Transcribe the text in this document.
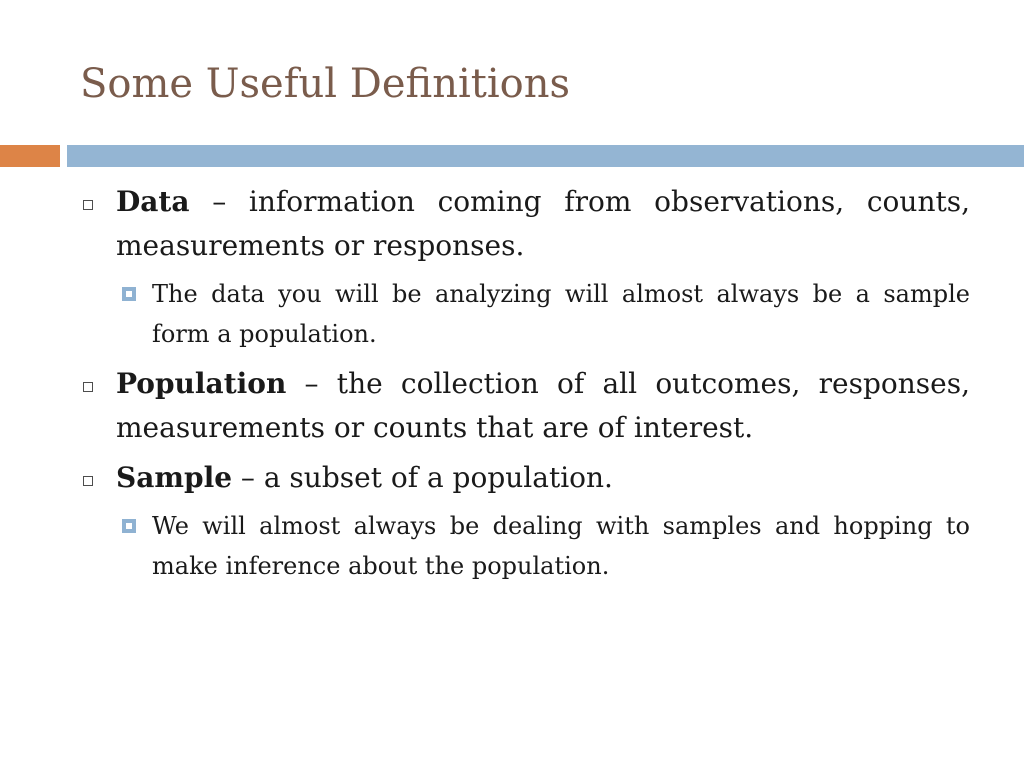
Some Useful Definitions
Data – information coming from observations, counts, measurements or responses.
The data you will be analyzing will almost always be a sample form a population.
Population – the collection of all outcomes, responses, measurements or counts that are of interest.
Sample – a subset of a population.
We will almost always be dealing with samples and hopping to make inference about the population.
